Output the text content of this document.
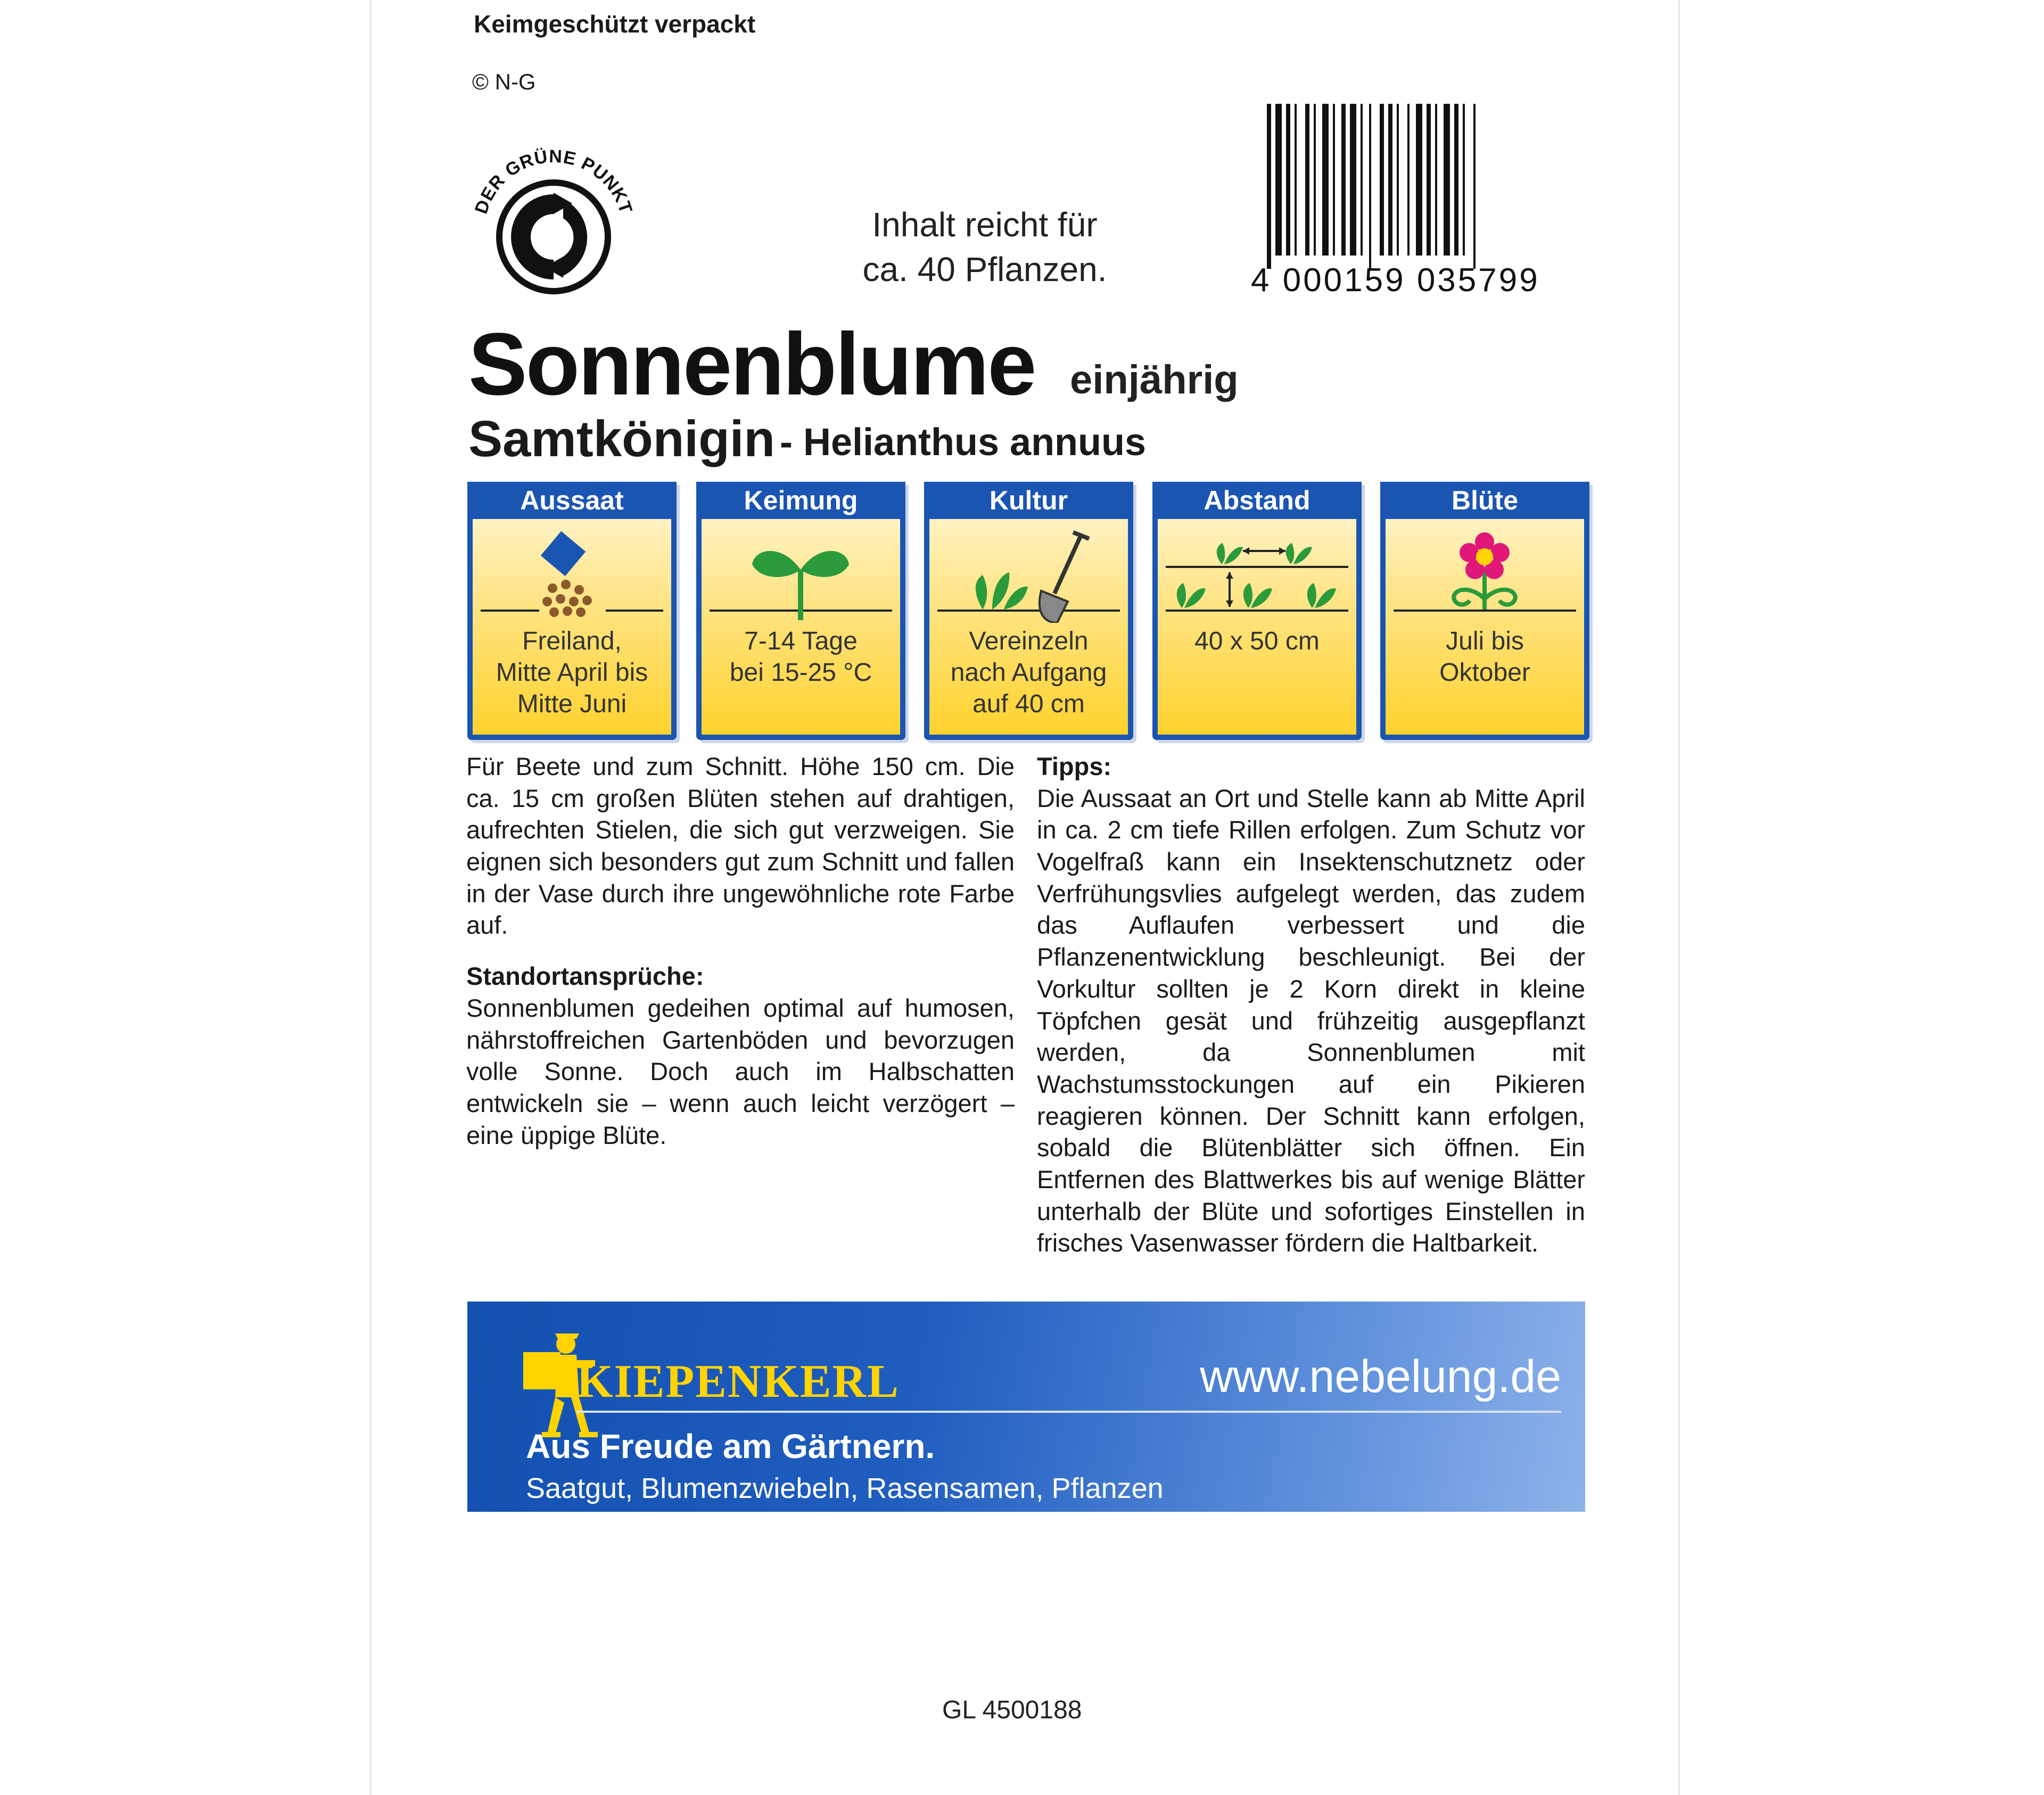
Keimgeschützt verpackt
© N-G
DER GRÜNE PUNKT	Inhalt reicht für
ca. 40 Pflanzen.	4 000159 035799
Sonnenblume einjährig
Samtkönigin - Helianthus annuus
Aussaat
Freiland,
Mitte April bis
Mitte Juni
Keimung
7-14 Tage
bei 15-25 °C
Kultur
Vereinzeln
nach Aufgang
auf 40 cm
Abstand
40 x 50 cm
Blüte
Juli bis
Oktober

Für Beete und zum Schnitt. Höhe 150 cm. Die ca. 15 cm großen Blüten stehen auf drahtigen, aufrechten Stielen, die sich gut verzweigen. Sie eignen sich besonders gut zum Schnitt und fallen in der Vase durch ihre ungewöhnliche rote Farbe auf.

Standortansprüche:

Sonnenblumen gedeihen optimal auf humosen, nährstoffreichen Gartenböden und bevorzugen volle Sonne. Doch auch im Halbschatten entwickeln sie – wenn auch leicht verzögert – eine üppige Blüte.

Tipps:

Die Aussaat an Ort und Stelle kann ab Mitte April in ca. 2 cm tiefe Rillen erfolgen. Zum Schutz vor Vogelfraß kann ein Insektenschutznetz oder Verfrühungsvlies aufgelegt werden, das zudem das Auflaufen verbessert und die Pflanzenentwicklung beschleunigt. Bei der Vorkultur sollten je 2 Korn direkt in kleine Töpfchen gesät und frühzeitig ausgepflanzt werden, da Sonnenblumen mit Wachstumsstockungen auf ein Pikieren reagieren können. Der Schnitt kann erfolgen, sobald die Blütenblätter sich öffnen. Ein Entfernen des Blattwerkes bis auf wenige Blätter unterhalb der Blüte und sofortiges Einstellen in frisches Vasenwasser fördern die Haltbarkeit.

KIEPENKERL	www.nebelung.de
Aus Freude am Gärtnern.
Saatgut, Blumenzwiebeln, Rasensamen, Pflanzen
GL 4500188
